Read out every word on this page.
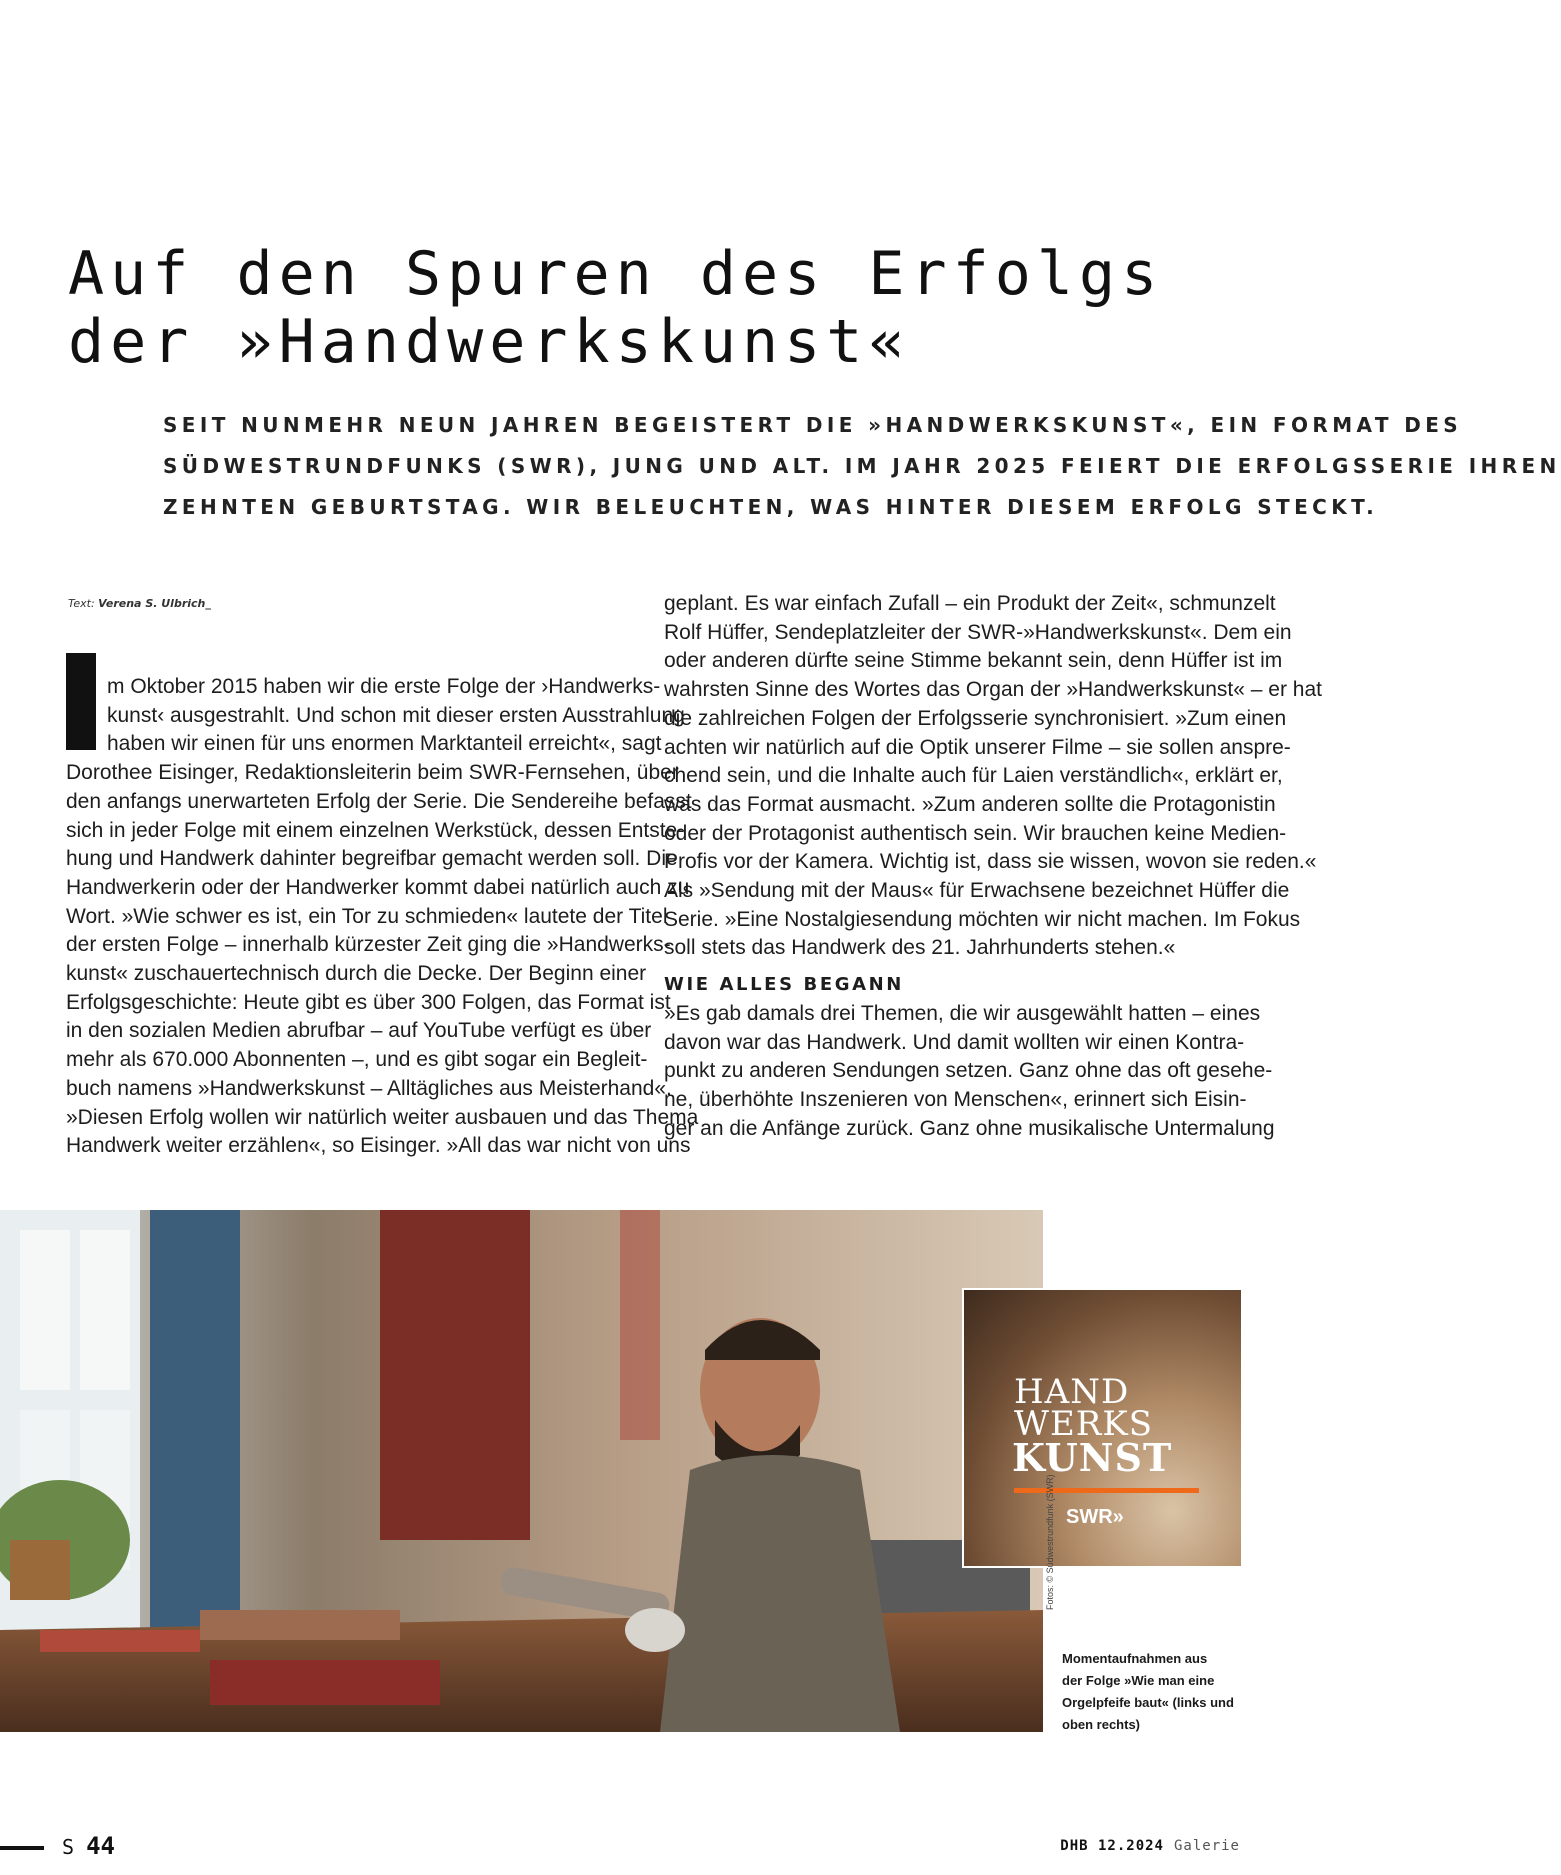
Auf den Spuren des Erfolgs
der »Handwerkskunst«
SEIT NUNMEHR NEUN JAHREN BEGEISTERT DIE »HANDWERKSKUNST«, EIN FORMAT DES
SÜDWESTRUNDFUNKS (SWR), JUNG UND ALT. IM JAHR 2025 FEIERT DIE ERFOLGSSERIE IHREN
ZEHNTEN GEBURTSTAG. WIR BELEUCHTEN, WAS HINTER DIESEM ERFOLG STECKT.
Text: Verena S. Ulbrich_
m Oktober 2015 haben wir die erste Folge der ›Handwerks-
kunst‹ ausgestrahlt. Und schon mit dieser ersten Ausstrahlung
haben wir einen für uns enormen Marktanteil erreicht«, sagt
Dorothee Eisinger, Redaktionsleiterin beim SWR-Fernsehen, über
den anfangs unerwarteten Erfolg der Serie. Die Sendereihe befasst
sich in jeder Folge mit einem einzelnen Werkstück, dessen Entste-
hung und Handwerk dahinter begreifbar gemacht werden soll. Die
Handwerkerin oder der Handwerker kommt dabei natürlich auch zu
Wort. »Wie schwer es ist, ein Tor zu schmieden« lautete der Titel
der ersten Folge – innerhalb kürzester Zeit ging die »Handwerks-
kunst« zuschauertechnisch durch die Decke. Der Beginn einer
Erfolgsgeschichte: Heute gibt es über 300 Folgen, das Format ist
in den sozialen Medien abrufbar – auf YouTube verfügt es über
mehr als 670.000 Abonnenten –, und es gibt sogar ein Begleit-
buch namens »Handwerkskunst – Alltägliches aus Meisterhand«.
»Diesen Erfolg wollen wir natürlich weiter ausbauen und das Thema
Handwerk weiter erzählen«, so Eisinger. »All das war nicht von uns
geplant. Es war einfach Zufall – ein Produkt der Zeit«, schmunzelt
Rolf Hüffer, Sendeplatzleiter der SWR-»Handwerkskunst«. Dem ein
oder anderen dürfte seine Stimme bekannt sein, denn Hüffer ist im
wahrsten Sinne des Wortes das Organ der »Handwerkskunst« – er hat
die zahlreichen Folgen der Erfolgsserie synchronisiert. »Zum einen
achten wir natürlich auf die Optik unserer Filme – sie sollen anspre-
chend sein, und die Inhalte auch für Laien verständlich«, erklärt er,
was das Format ausmacht. »Zum anderen sollte die Protagonistin
oder der Protagonist authentisch sein. Wir brauchen keine Medien-
Profis vor der Kamera. Wichtig ist, dass sie wissen, wovon sie reden.«
Als »Sendung mit der Maus« für Erwachsene bezeichnet Hüffer die
Serie. »Eine Nostalgiesendung möchten wir nicht machen. Im Fokus
soll stets das Handwerk des 21. Jahrhunderts stehen.«
WIE ALLES BEGANN
»Es gab damals drei Themen, die wir ausgewählt hatten – eines
davon war das Handwerk. Und damit wollten wir einen Kontra-
punkt zu anderen Sendungen setzen. Ganz ohne das oft gesehe-
ne, überhöhte Inszenieren von Menschen«, erinnert sich Eisin-
ger an die Anfänge zurück. Ganz ohne musikalische Untermalung
HAND
WERKS
KUNST
SWR»
Fotos: © Südwestrundfunk (SWR)
Momentaufnahmen aus
der Folge »Wie man eine
Orgelpfeife baut« (links und
oben rechts)
S 44	DHB 12.2024 Galerie
